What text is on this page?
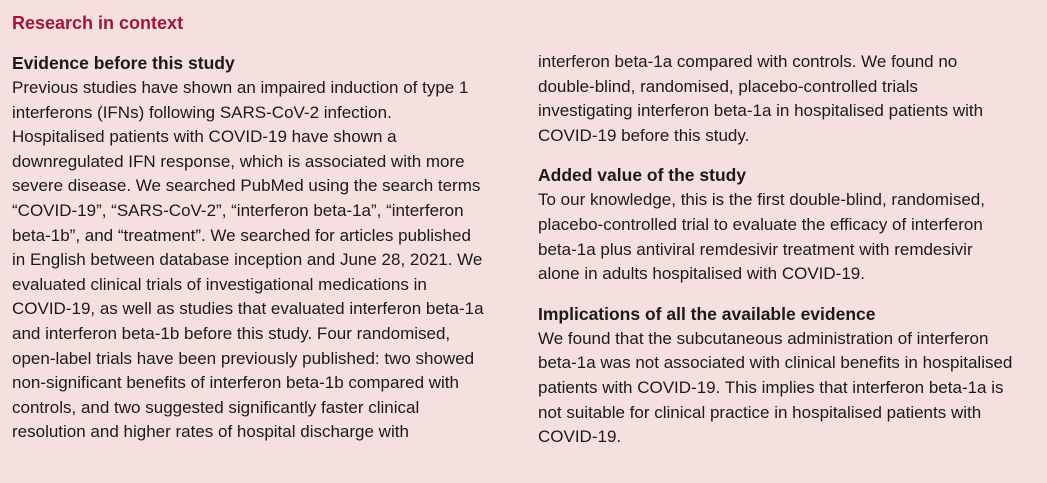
Research in context
Evidence before this study

Previous studies have shown an impaired induction of type 1
interferons (IFNs) following SARS-CoV-2 infection.
Hospitalised patients with COVID-19 have shown a
downregulated IFN response, which is associated with more
severe disease. We searched PubMed using the search terms
“COVID-19”, “SARS-CoV-2”, “interferon beta-1a”, “interferon
beta-1b”, and “treatment”. We searched for articles published
in English between database inception and June 28, 2021. We
evaluated clinical trials of investigational medications in
COVID-19, as well as studies that evaluated interferon beta-1a
and interferon beta-1b before this study. Four randomised,
open-label trials have been previously published: two showed
non-significant benefits of interferon beta-1b compared with
controls, and two suggested significantly faster clinical
resolution and higher rates of hospital discharge with

interferon beta-1a compared with controls. We found no
double-blind, randomised, placebo-controlled trials
investigating interferon beta-1a in hospitalised patients with
COVID-19 before this study.

Added value of the study

To our knowledge, this is the first double-blind, randomised,
placebo-controlled trial to evaluate the efficacy of interferon
beta-1a plus antiviral remdesivir treatment with remdesivir
alone in adults hospitalised with COVID-19.

Implications of all the available evidence

We found that the subcutaneous administration of interferon
beta-1a was not associated with clinical benefits in hospitalised
patients with COVID-19. This implies that interferon beta-1a is
not suitable for clinical practice in hospitalised patients with
COVID-19.
